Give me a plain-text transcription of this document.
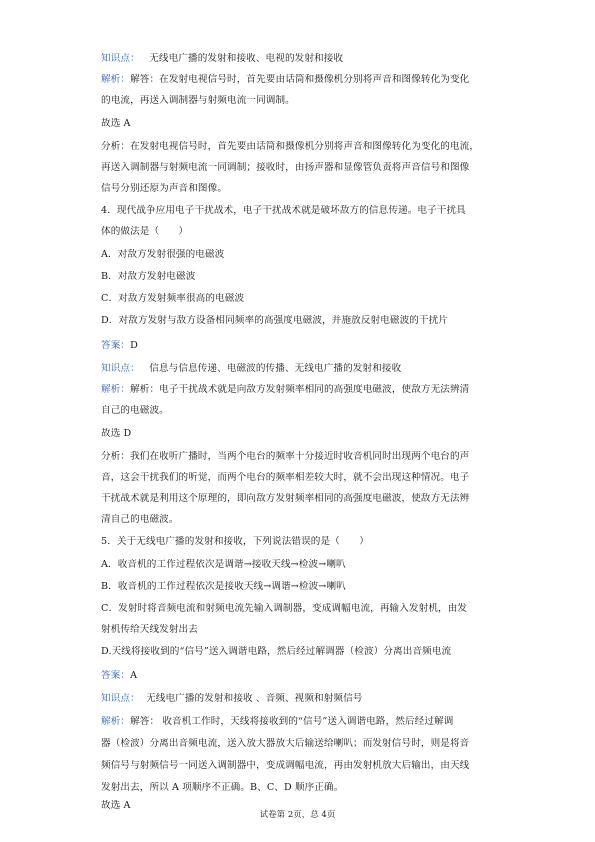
知识点： 无线电广播的发射和接收、电视的发射和接收
解析：解答：在发射电视信号时，首先要由话筒和摄像机分别将声音和图像转化为变化
的电流，再送入调制器与射频电流一同调制。
故选 A
分析：在发射电视信号时，首先要由话筒和摄像机分别将声音和图像转化为变化的电流，
再送入调制器与射频电流一同调制；接收时，由扬声器和显像管负责将声音信号和图像
信号分别还原为声音和图像。
4．现代战争应用电子干扰战术，电子干扰战术就是破坏敌方的信息传递。电子干扰具
体的做法是（　　）
A．对敌方发射很强的电磁波
B．对敌方发射电磁波
C．对敌方发射频率很高的电磁波
D．对敌方发射与敌方设备相同频率的高强度电磁波，并施放反射电磁波的干扰片
答案：D
知识点： 信息与信息传递、电磁波的传播、无线电广播的发射和接收
解析：解析：电子干扰战术就是向敌方发射频率相同的高强度电磁波，使敌方无法辨清
自己的电磁波。
故选 D
分析：我们在收听广播时，当两个电台的频率十分接近时收音机同时出现两个电台的声
音，这会干扰我们的听觉，而两个电台的频率相差较大时，就不会出现这种情况。电子
干扰战术就是利用这个原理的，即向敌方发射频率相同的高强度电磁波，使敌方无法辨
清自己的电磁波。
5．关于无线电广播的发射和接收，下列说法错误的是（　　）
A．收音机的工作过程依次是调谐→接收天线→检波→喇叭
B．收音机的工作过程依次是接收天线→调谐→检波→喇叭
C．发射时将音频电流和射频电流先输入调制器，变成调幅电流，再输入发射机，由发
射机传给天线发射出去
D.天线将接收到的“信号”送入调谐电路，然后经过解调器（检波）分离出音频电流
答案：A
知识点： 无线电广播的发射和接收 、音频、视频和射频信号
解析：解答： 收音机工作时，天线将接收到的“信号”送入调谐电路，然后经过解调
器（检波）分离出音频电流，送入放大器放大后输送给喇叭；而发射信号时，则是将音
频信号与射频信号一同送入调制器中，变成调幅电流，再由发射机放大后输出，由天线
发射出去，所以 A 项顺序不正确。B、C、D 顺序正确。
故选 A
试卷第 2页，总 4页
